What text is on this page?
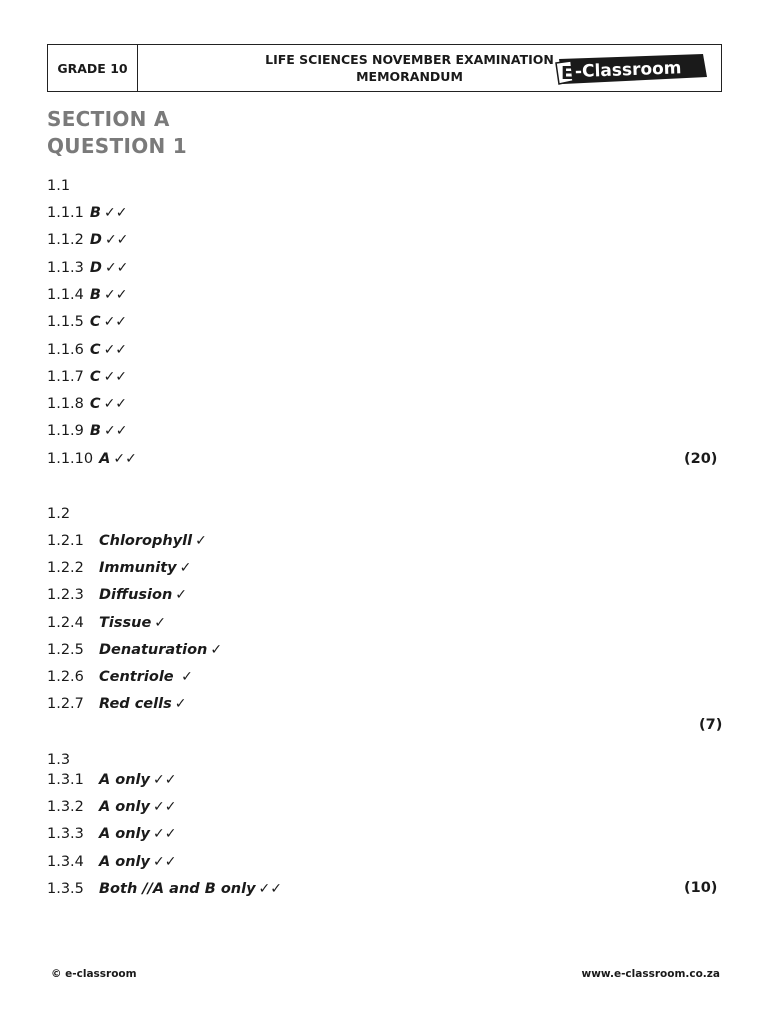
GRADE 10
LIFE SCIENCES NOVEMBER EXAMINATION
MEMORANDUM	E -Classroom
SECTION A
QUESTION 1
1.1
1.1.1 B ✓✓
1.1.2 D ✓✓
1.1.3 D ✓✓
1.1.4 B ✓✓
1.1.5 C ✓✓
1.1.6 C ✓✓
1.1.7 C ✓✓
1.1.8 C ✓✓
1.1.9 B ✓✓
1.1.10 A ✓✓	(20)
1.2
1.2.1 Chlorophyll ✓
1.2.2 Immunity ✓
1.2.3 Diffusion ✓
1.2.4 Tissue ✓
1.2.5 Denaturation ✓
1.2.6 Centriole ✓
1.2.7 Red cells ✓
(7)
1.3
1.3.1 A only ✓✓
1.3.2 A only ✓✓
1.3.3 A only ✓✓
1.3.4 A only ✓✓
1.3.5 Both //A and B only ✓✓	(10)
© e-classroom	www.e-classroom.co.za
